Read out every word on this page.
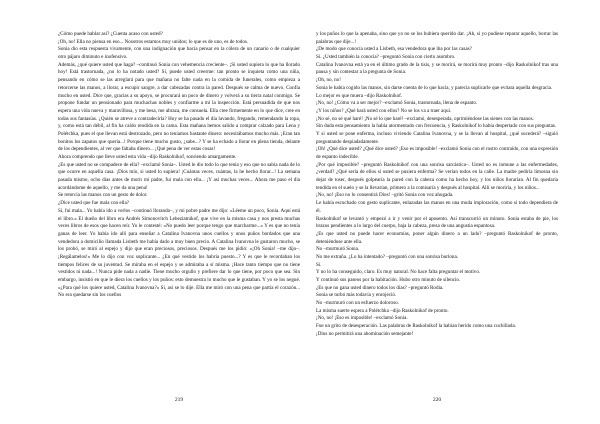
¿Cómo puede hablar así? ¿Cuenta acaso con usted?

¡Oh, no! Ella no piensa en eso... Nosotros estamos muy unidos; lo que es de uno, es de todos.

Sonia dio esta respuesta vivamente, con una indignación que hacía pensar en la cólera de un canario o de cualquier otro pájaro diminuto e inofensivo.

Además, ¿qué quiere usted que haga? –continuó Sonia con vehemencia creciente–. ¡Si usted supiera lo que ha llorado hoy! Está trastornada, ¿no lo ha notado usted? Sí, puede usted creerme: tan pronto se inquieta como una niña, pensando en cómo se las arreglará para que mañana no falte nada en la comida de funerales, como empieza a retorcerse las manos, a llorar, a escupir sangre, a dar cabezadas contra la pared. Después se calma de nuevo. Confía mucho en usted. Dice que, gracias a su apoyo, se procurará un poco de dinero y volverá a su tierra natal conmigo. Se propone fundar un pensionado para muchachas nobles y confiarme a mí la inspección. Está persuadida de que nos espera una vida nueva y maravillosa, y me besa, me abraza, me consuela. Ella cree firmemente en lo que dice, cree en todas sus fantasías. ¿Quién se atreve a contradecirla? Hoy se ha pasado el día lavando, fregando, remendando la ropa, y, como está tan débil, al fin ha caído rendida en la cama. Esta mañana hemos salido a comprar calzado para Lena y Polétchka, pues el que llevan está destrozado, pero no teníamos bastante dinero: necesitábamos mucho más. ¡Eran tan bonitos los zapatos que quería...! Porque tiene mucho gusto, ¿sabe...? Y se ha echado a llorar en plena tienda, delante de los dependientes, al ver que faltaba dinero... ¡Qué pena de ver estas cosas!

Ahora comprendo que lleve usted esta vida –dijo Raskolnikof, sonriendo amargamente.

¿Es que usted no se compadece de ella? –exclamó Sonia–. Usted le dio todo lo que tenía y eso que no sabía nada de lo que ocurre en aquella casa. ¡Dios mío, si usted lo supiera! ¡Cuántas veces, cuántas, la he hecho llorar...! La semana pasada mismo, ocho días antes de morir mi padre, fui mala con ella... ¡Y así muchas veces... Ahora me paso el día acordándome de aquello, y me da una pena!

Se retorcía las manos con un gesto de dolor.

¿Dice usted que fue mala con ella?

Sí, fui mala... Yo había ido a verlos –continuó llorando–, y mi pobre padre me dijo: «Léeme un poco, Sonia. Aquí está el libro.» El dueño del libro era Andrés Simonovitch Lebeziatnikof, que vive en la misma casa y nos presta muchas veces libros de esos que hacen reír. Yo le contesté: «No puedo leer porque tengo que marcharme...» Y es que no tenía ganas de leer. Yo había ido allí para enseñar a Catalina Ivanovna unos cuellos y unos puños bordados que una vendedora a domicilio llamada Lisbeth me había dado a muy buen precio. A Catalina Ivanovna le gustaron mucho, se los probó, se miró al espejo y dijo que eran preciosos, preciosos. Después me los pidió: «¡Oh Sonia! –me dijo–. ¡Regálamelos!» Me lo dijo con voz suplicante... ¿En qué vestido los habría puesto...? Y es que le recordaban los tiempos felices de su juventud. Se miraba en el espejo y se admiraba a sí misma. ¡Hace tanto tiempo que no tiene vestidos ni nada...! Nunca pide nada a nadie. Tiene mucho orgullo y prefiere dar lo que tiene, por poco que sea. Sin embargo, insistió en que le diera los cuellos y los puños: esto demuestra lo mucho que le gustaban. Y yo se los negué. «¿Para qué los quiere usted, Catalina Ivanovna?» Sí, así se lo dije. Ella me miró con una pena que partía el corazón... No era quedarse sin los cuellos

219

y los puños lo que la apenaba, sino que yo no se los hubiera querido dar. ¡Ah, si yo pudiese reparar aquello, borrar las palabras que dije...!

¿De modo que conocía usted a Lisbeth, esa vendedora que iba por las casas?

Sí. ¿Usted también la conocía? –preguntó Sonia con cierto asombro.

Catalina Ivanovna está ya en el último grado de la tisis, y se morirá, se morirá muy pronto –dijo Raskolnikof tras una pausa y sin contestar a la pregunta de Sonia.

¡Oh, no, no!

Sonia le había cogido las manos, sin darse cuenta de lo que hacía, y parecía suplicarle que evitara aquella desgracia.

Lo mejor es que muera –dijo Raskolnikof.

¡No, no! ¿Cómo va a ser mejor? –exclamó Sonia, trastornada, llena de espanto.

¿Y los niños? ¿Qué hará usted con ellos? No se los va a traer aquí.

¡No sé, no sé qué haré! ¡No sé lo que haré! –exclamó, desesperada, oprimiéndose las sienes con las manos.

Sin duda esta pensamiento la había atormentado con frecuencia, y Raskolnikof lo había despertado con sus preguntas.

Y si usted se pone enferma, incluso viviendo Catalina Ivanovna, y se la llevan al hospital, ¿qué sucederá? –siguió preguntando despiadadamente.

¡Oh! ¿Qué dice usted? ¿Qué dice usted? ¡Eso es imposible! –exclamó Sonia con el rostro contraído, con una expresión de espanto indecible.

¿Por qué imposible? –preguntó Raskolnikof con una sonrisa sarcástica–. Usted no es inmune a las enfermedades, ¿verdad? ¿Qué sería de ellos si usted se pusiera enferma? Se verían todos en la calle. La madre pediría limosna sin dejar de toser, después golpearía la pared con la cabeza como ha hecho hoy, y los niños llorarían. Al fin quedaría tendida en el suelo y se la llevarían, primero a la comisaría y después al hospital. Allí se moriría, y los niños...

¡No, no! ¡Eso no lo consentirá Dios! –gritó Sonia con voz ahogada.

Le había escuchado con gesto suplicante, enlazadas las manos en una muda imploración, como si todo dependiera de él.

Raskolnikof se levantó y empezó a ir y venir por el aposento. Así transcurrió un minuto. Sonia estaba de pie, los brazos pendientes a lo largo del cuerpo, baja la cabeza, presa de una angustia espantosa.

¿Es que usted no puede hacer economías, poner algún dinero a un lado? –preguntó Raskolnikof de pronto, deteniéndose ante ella.

No –murmuró Sonia.

No me extraña. ¿Lo ha intentado? –preguntó con una sonrisa burlona.

Sí.

Y no lo ha conseguido, claro. Es muy natural. No hace falta preguntar el motivo.

Y continuó sus paseos por la habitación. Hubo otro minuto de silencio.

¿Es que no gana usted dinero todos los días? –preguntó Rodia.

Sonia se turbó más todavía y enrojeció.

No –murmuró con un esfuerzo doloroso.

La misma suerte espera a Polétchka –dijo Raskolnikof de pronto.

¡No, no! ¡Eso es imposible! –exclamó Sonia.

Fue un grito de desesperación. Las palabras de Raskolnikof la habían herido como una cuchillada.

¡Dios no permitirá una abominación semejante!

220
